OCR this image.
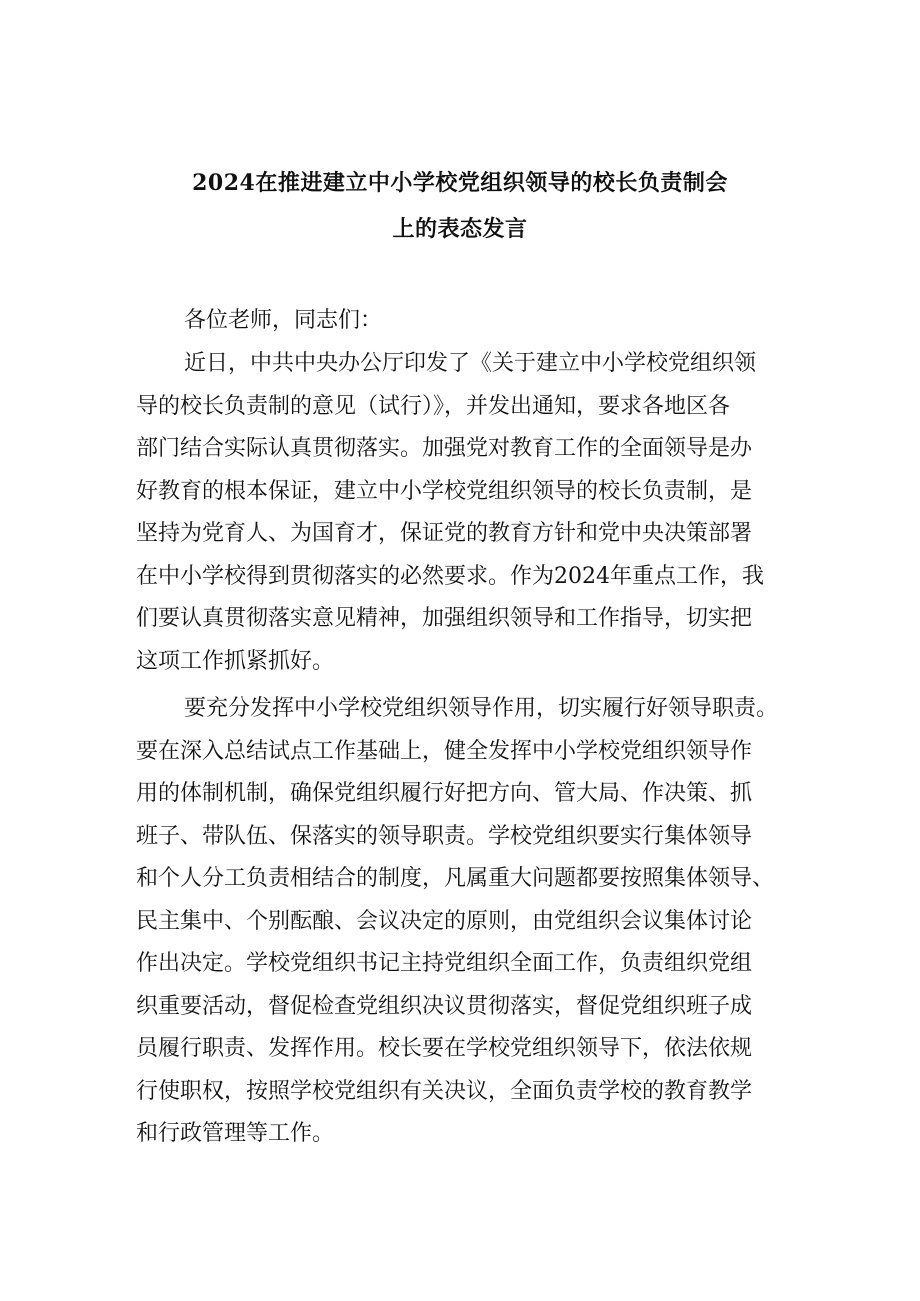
2024在推进建立中小学校党组织领导的校长负责制会
上的表态发言

各位老师，同志们：

近日，中共中央办公厅印发了《关于建立中小学校党组织领
导的校长负责制的意见（试行）》，并发出通知，要求各地区各
部门结合实际认真贯彻落实。加强党对教育工作的全面领导是办
好教育的根本保证，建立中小学校党组织领导的校长负责制，是
坚持为党育人、为国育才，保证党的教育方针和党中央决策部署
在中小学校得到贯彻落实的必然要求。作为2024年重点工作，我
们要认真贯彻落实意见精神，加强组织领导和工作指导，切实把
这项工作抓紧抓好。
要充分发挥中小学校党组织领导作用，切实履行好领导职责。
要在深入总结试点工作基础上，健全发挥中小学校党组织领导作
用的体制机制，确保党组织履行好把方向、管大局、作决策、抓
班子、带队伍、保落实的领导职责。学校党组织要实行集体领导
和个人分工负责相结合的制度，凡属重大问题都要按照集体领导、
民主集中、个别酝酿、会议决定的原则，由党组织会议集体讨论
作出决定。学校党组织书记主持党组织全面工作，负责组织党组
织重要活动，督促检查党组织决议贯彻落实，督促党组织班子成
员履行职责、发挥作用。校长要在学校党组织领导下，依法依规
行使职权，按照学校党组织有关决议，全面负责学校的教育教学
和行政管理等工作。
